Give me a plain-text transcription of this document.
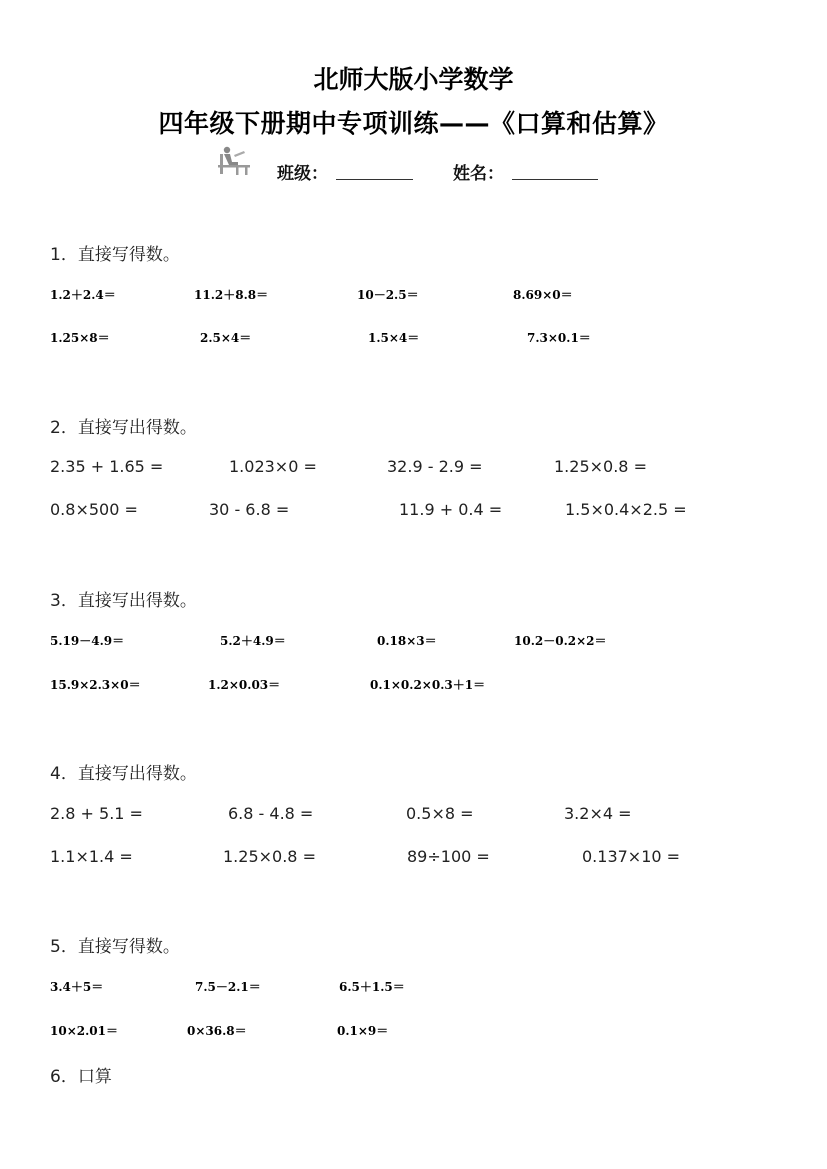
北师大版小学数学
四年级下册期中专项训练——《口算和估算》
班级：	姓名：
1．直接写得数。
1.2＋2.4＝	11.2＋8.8＝	10－2.5＝	8.69×0＝
1.25×8＝	2.5×4＝	1.5×4＝	7.3×0.1＝
2．直接写出得数。
2.35 + 1.65 =	1.023×0 =	32.9 - 2.9 =	1.25×0.8 =
0.8×500 =	30 - 6.8 =	11.9 + 0.4 =	1.5×0.4×2.5 =
3．直接写出得数。
5.19－4.9＝	5.2＋4.9＝	0.18×3＝	10.2－0.2×2＝
15.9×2.3×0＝	1.2×0.03＝	0.1×0.2×0.3＋1＝
4．直接写出得数。
2.8 + 5.1 =	6.8 - 4.8 =	0.5×8 =	3.2×4 =
1.1×1.4 =	1.25×0.8 =	89÷100 =	0.137×10 =
5．直接写得数。
3.4＋5＝	7.5－2.1＝	6.5＋1.5＝
10×2.01＝	0×36.8＝	0.1×9＝
6．口算
